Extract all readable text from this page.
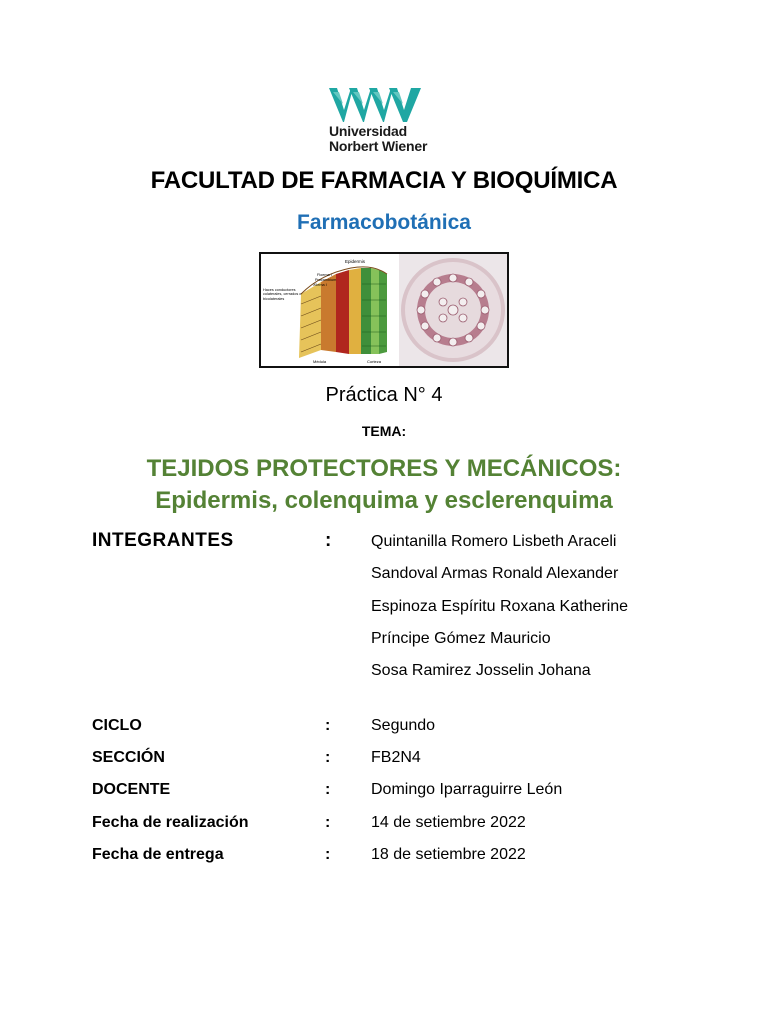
Universidad
Norbert Wiener
FACULTAD DE FARMACIA Y BIOQUÍMICA
Farmacobotánica
Epidermis
Floema I
Procambium
Xilema I
Haces conductores colaterales, cerrados o bicolaterales
Médula	Corteza
Práctica N° 4
TEMA:
TEJIDOS PROTECTORES Y MECÁNICOS:
Epidermis, colenquima y esclerenquima
INTEGRANTES	: Quintanilla Romero Lisbeth Araceli
Sandoval Armas Ronald Alexander
Espinoza Espíritu Roxana Katherine
Príncipe Gómez Mauricio
Sosa Ramirez Josselin Johana
CICLO	:	Segundo
SECCIÓN	:	FB2N4
DOCENTE	:	Domingo Iparraguirre León
Fecha de realización	:	14 de setiembre 2022
Fecha de entrega	:	18 de setiembre 2022
